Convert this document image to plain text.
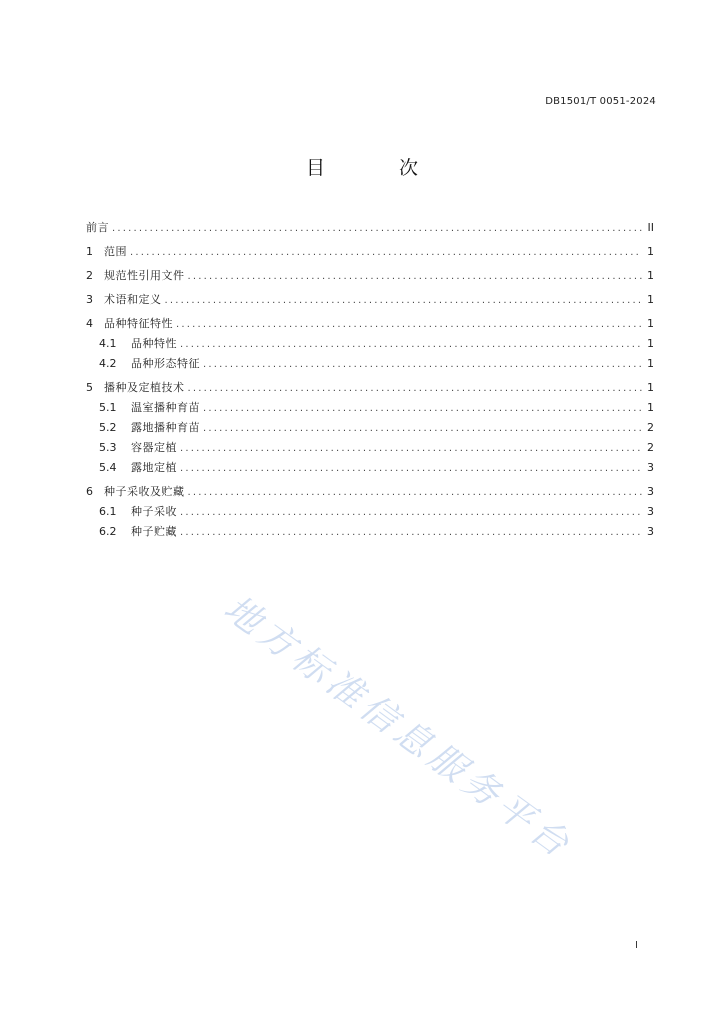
DB1501/T 0051-2024
目 次
前言 .....	II
1	范围 .....	1
2	规范性引用文件 .....	1
3	术语和定义 .....	1
4	品种特征特性 .....	1
4.1	品种特性 .....	1
4.2	品种形态特征 .....	1
5	播种及定植技术 .....	1
5.1	温室播种育苗 .....	1
5.2	露地播种育苗 .....	2
5.3	容器定植 .....	2
5.4	露地定植 .....	3
6	种子采收及贮藏 .....	3
6.1	种子采收 .....	3
6.2	种子贮藏 .....	3
地方标准信息服务平台
I
